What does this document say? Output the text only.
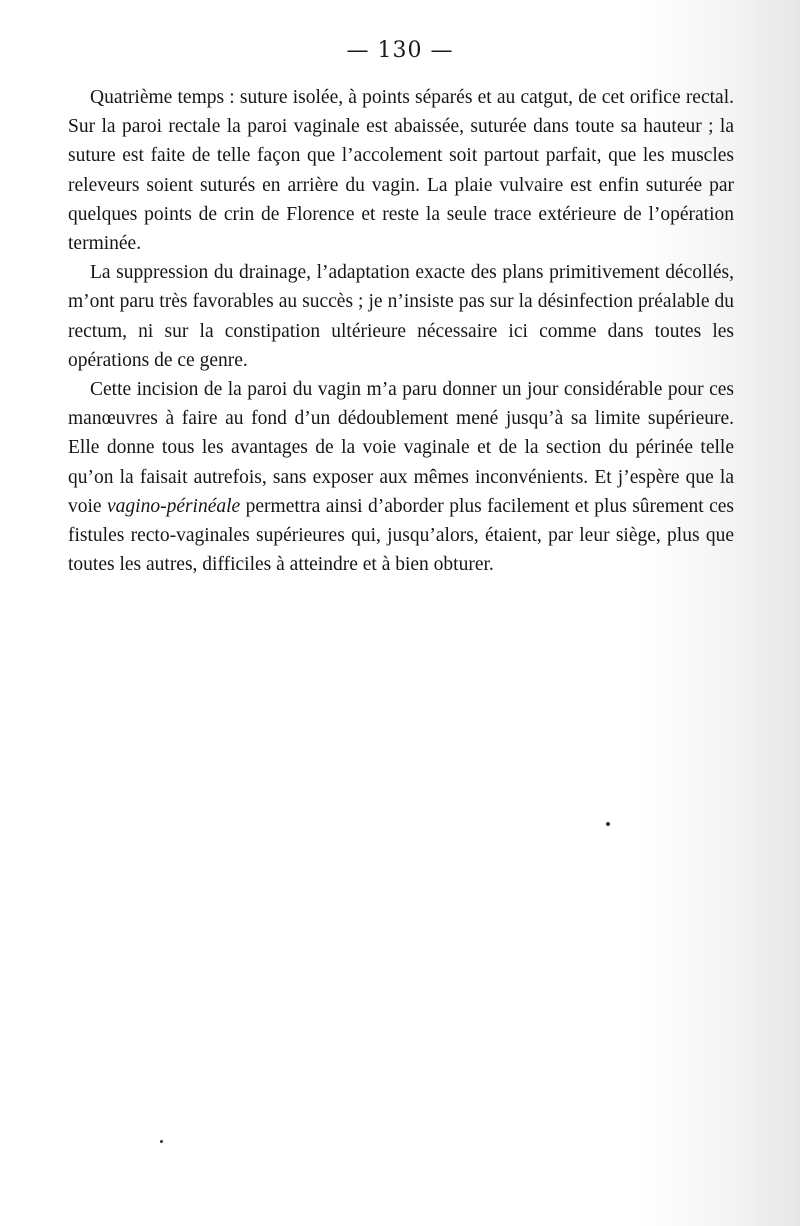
— 130 —

Quatrième temps : suture isolée, à points séparés et au catgut, de cet orifice rectal. Sur la paroi rectale la paroi vaginale est abaissée, suturée dans toute sa hauteur ; la suture est faite de telle façon que l’accolement soit partout parfait, que les muscles releveurs soient suturés en arrière du vagin. La plaie vulvaire est enfin suturée par quelques points de crin de Florence et reste la seule trace extérieure de l’opération terminée.

La suppression du drainage, l’adaptation exacte des plans primitivement décollés, m’ont paru très favorables au succès ; je n’insiste pas sur la désinfection préalable du rectum, ni sur la constipation ultérieure nécessaire ici comme dans toutes les opérations de ce genre.

Cette incision de la paroi du vagin m’a paru donner un jour considérable pour ces manœuvres à faire au fond d’un dédoublement mené jusqu’à sa limite supérieure. Elle donne tous les avantages de la voie vaginale et de la section du périnée telle qu’on la faisait autrefois, sans exposer aux mêmes inconvénients. Et j’espère que la voie vagino-périnéale permettra ainsi d’aborder plus facilement et plus sûrement ces fistules recto-vaginales supérieures qui, jusqu’alors, étaient, par leur siège, plus que toutes les autres, difficiles à atteindre et à bien obturer.
